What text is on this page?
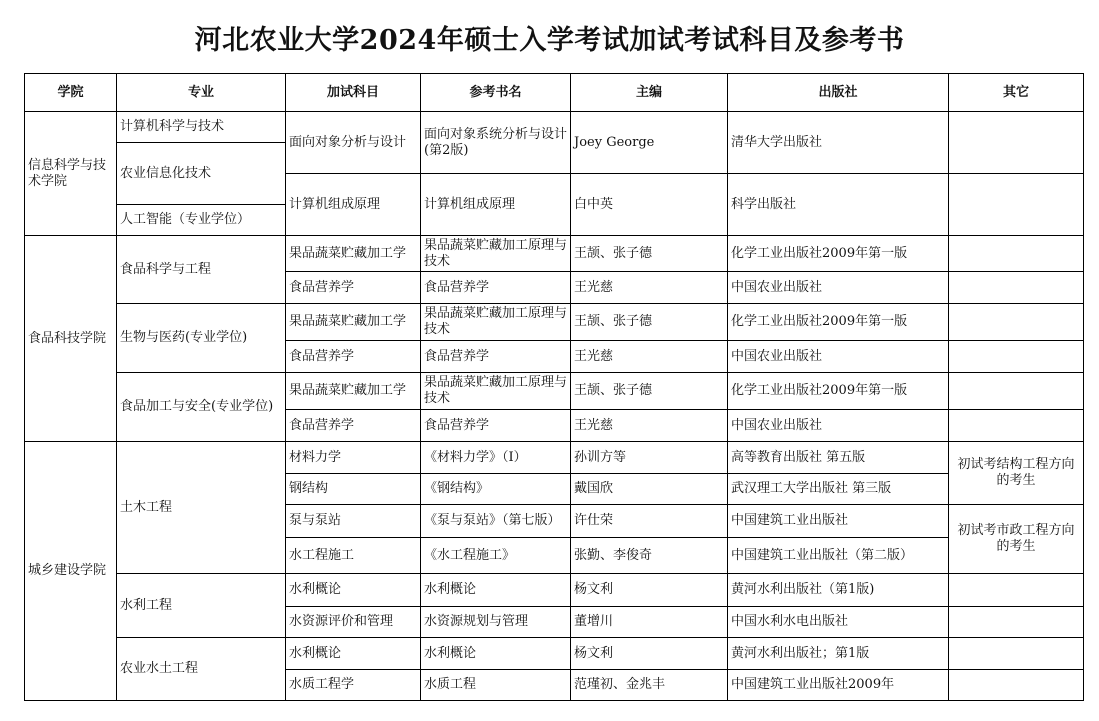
河北农业大学2024年硕士入学考试加试考试科目及参考书
学院	专业	加试科目	参考书名	主编	出版社	其它
信息科学与技术学院	计算机科学与技术	面向对象分析与设计	面向对象系统分析与设计(第2版)	Joey George	清华大学出版社	
	农业信息化技术					
		计算机组成原理	计算机组成原理	白中英	科学出版社	
	人工智能（专业学位）					
食品科技学院	食品科学与工程	果品蔬菜贮藏加工学	果品蔬菜贮藏加工原理与技术	王颉、张子德	化学工业出版社2009年第一版	
		食品营养学	食品营养学	王光慈	中国农业出版社	
	生物与医药(专业学位)	果品蔬菜贮藏加工学	果品蔬菜贮藏加工原理与技术	王颉、张子德	化学工业出版社2009年第一版	
		食品营养学	食品营养学	王光慈	中国农业出版社	
	食品加工与安全(专业学位)	果品蔬菜贮藏加工学	果品蔬菜贮藏加工原理与技术	王颉、张子德	化学工业出版社2009年第一版	
		食品营养学	食品营养学	王光慈	中国农业出版社	
城乡建设学院	土木工程	材料力学	《材料力学》（Ⅰ）	孙训方等	高等教育出版社 第五版	初试考结构工程方向的考生
		钢结构	《钢结构》	戴国欣	武汉理工大学出版社 第三版	
		泵与泵站	《泵与泵站》（第七版）	许仕荣	中国建筑工业出版社	初试考市政工程方向的考生
		水工程施工	《水工程施工》	张勤、李俊奇	中国建筑工业出版社（第二版）	
	水利工程	水利概论	水利概论	杨文利	黄河水利出版社（第1版)	
		水资源评价和管理	水资源规划与管理	董增川	中国水利水电出版社	
	农业水土工程	水利概论	水利概论	杨文利	黄河水利出版社；第1版	
		水质工程学	水质工程	范瑾初、金兆丰	中国建筑工业出版社2009年	
